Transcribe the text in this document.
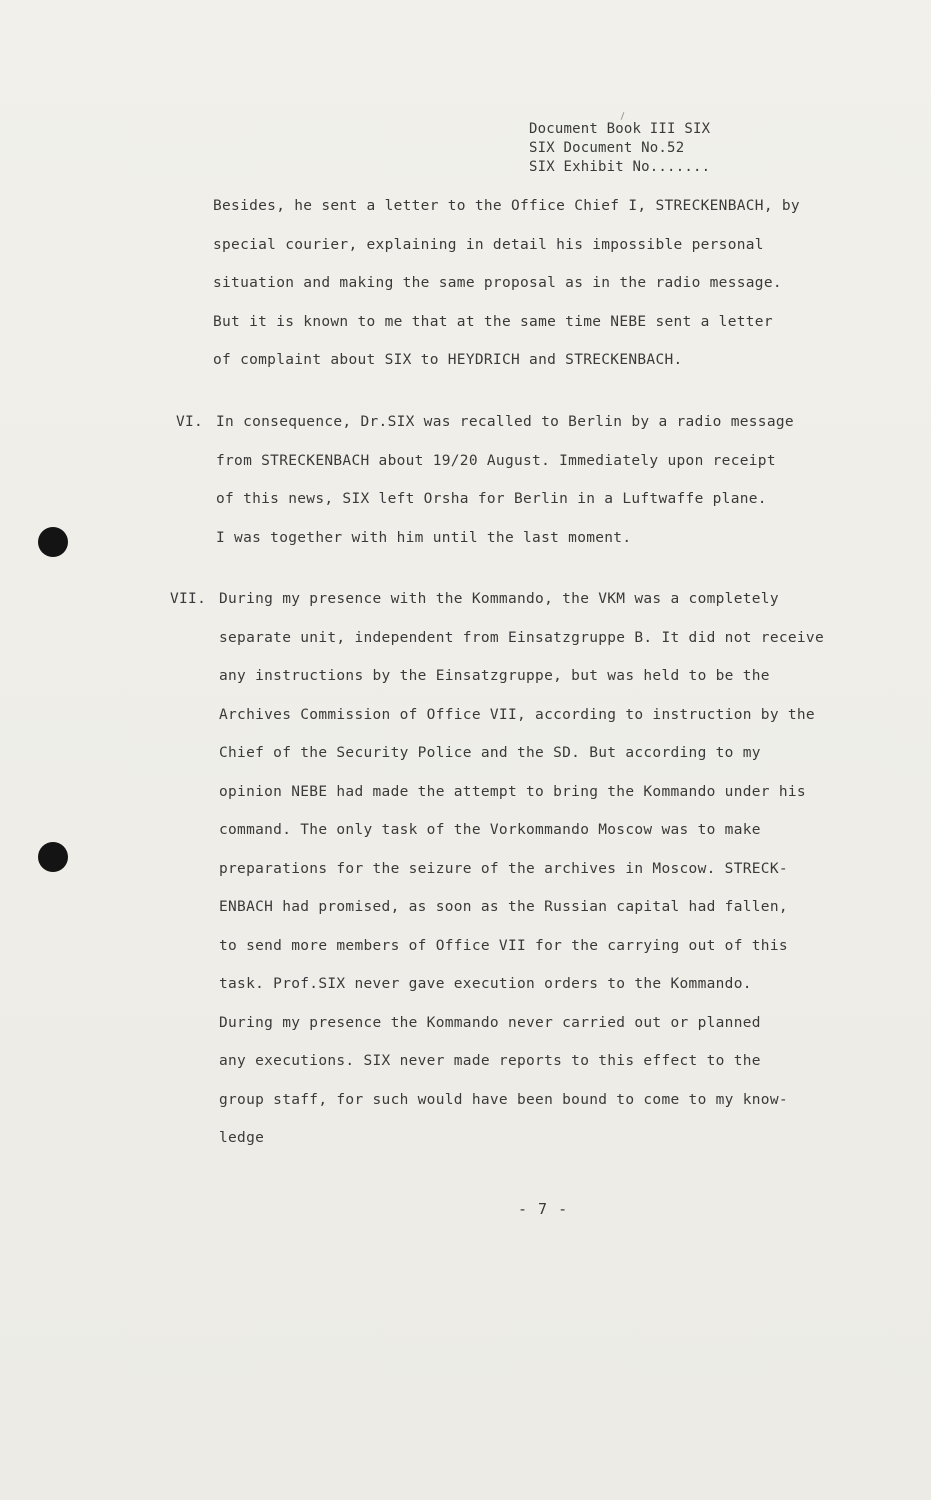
Document Book III SIX
SIX Document No.52
SIX Exhibit No.......
Besides, he sent a letter to the Office Chief I, STRECKENBACH, by
special courier, explaining in detail his impossible personal
situation and making the same proposal as in the radio message.
But it is known to me that at the same time NEBE sent a letter
of complaint about SIX to HEYDRICH and STRECKENBACH.
VI. In consequence, Dr.SIX was recalled to Berlin by a radio message
from STRECKENBACH about 19/20 August. Immediately upon receipt
of this news, SIX left Orsha for Berlin in a Luftwaffe plane.
I was together with him until the last moment.
VII. During my presence with the Kommando, the VKM was a completely
separate unit, independent from Einsatzgruppe B. It did not receive
any instructions by the Einsatzgruppe, but was held to be the
Archives Commission of Office VII, according to instruction by the
Chief of the Security Police and the SD. But according to my
opinion NEBE had made the attempt to bring the Kommando under his
command. The only task of the Vorkommando Moscow was to make
preparations for the seizure of the archives in Moscow. STRECK-
ENBACH had promised, as soon as the Russian capital had fallen,
to send more members of Office VII for the carrying out of this
task. Prof.SIX never gave execution orders to the Kommando.
During my presence the Kommando never carried out or planned
any executions. SIX never made reports to this effect to the
group staff, for such would have been bound to come to my know-
ledge
- 7 -
